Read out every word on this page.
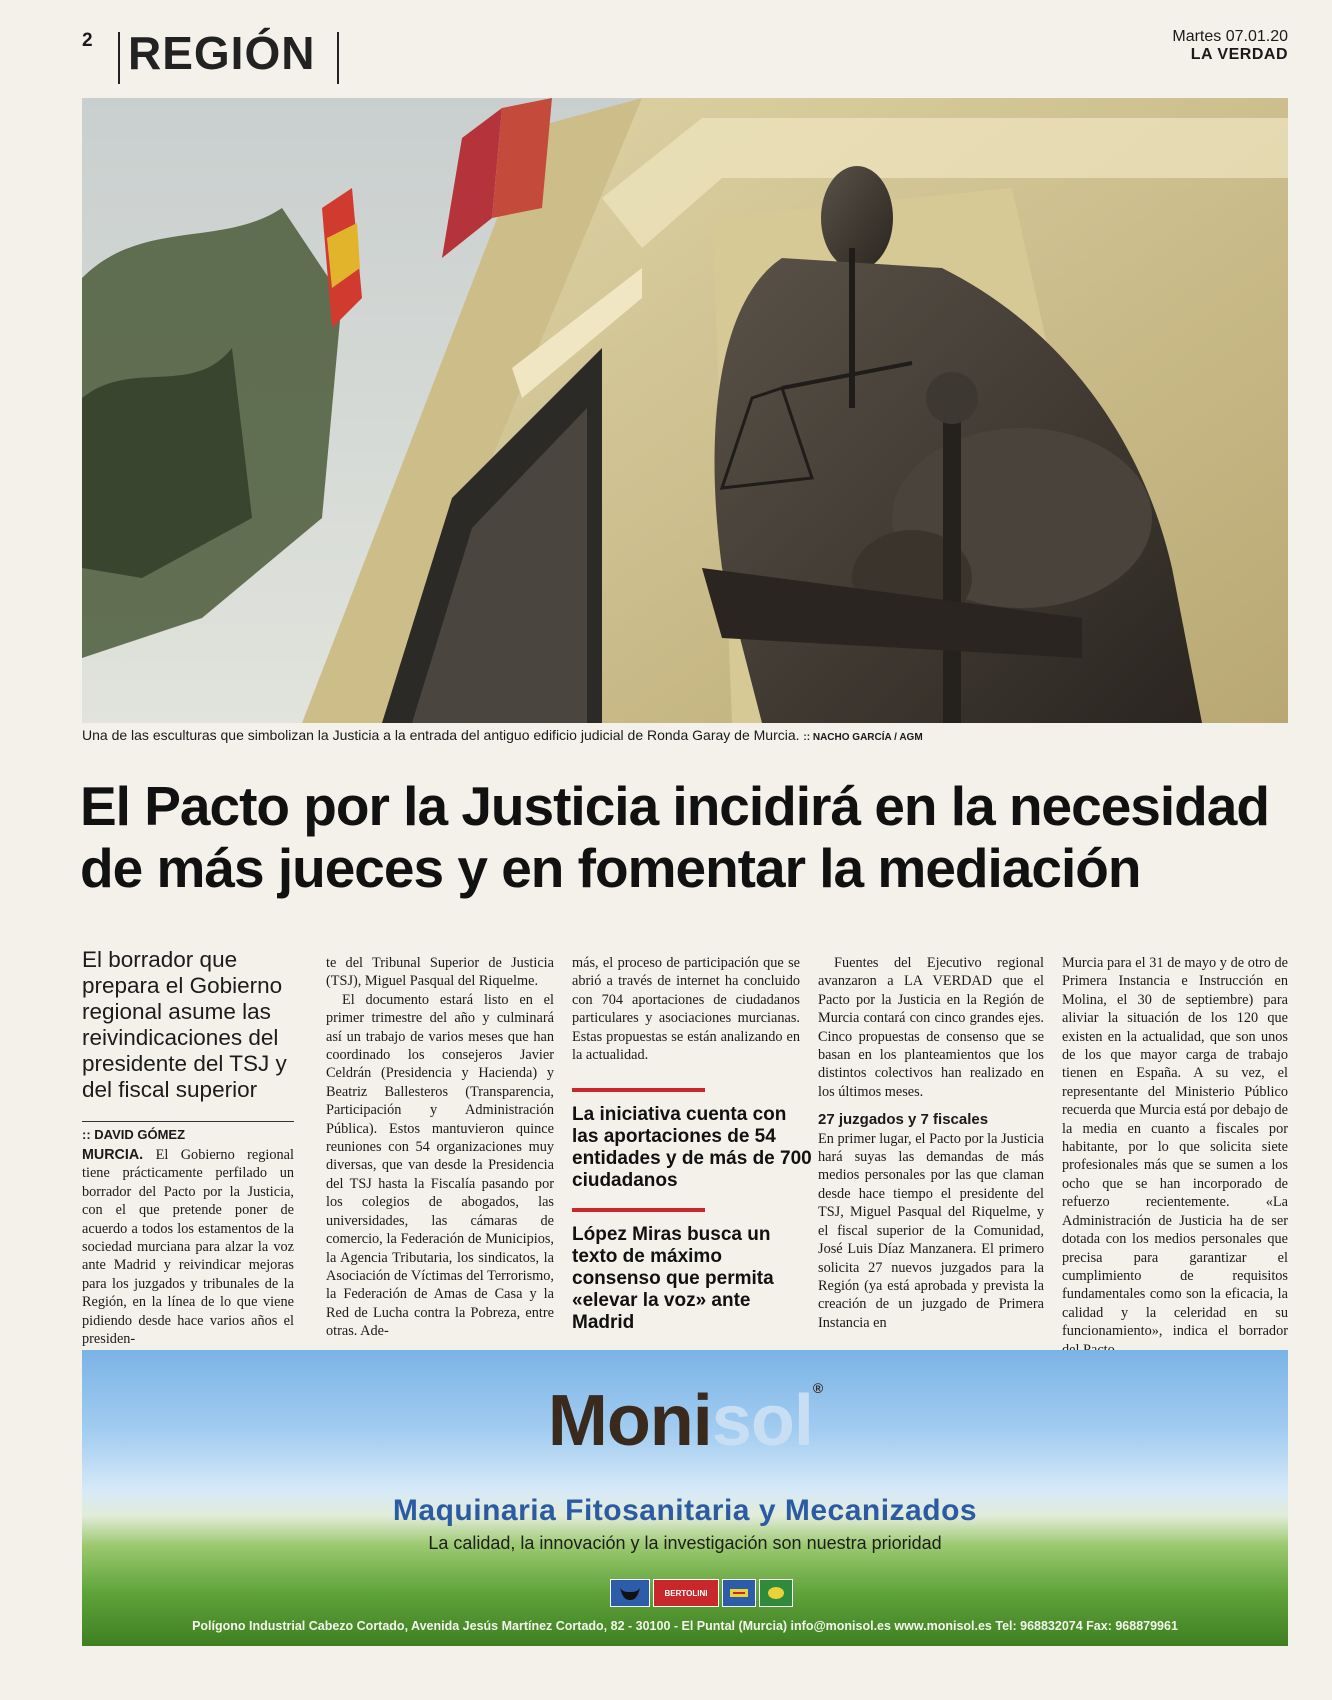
2 REGIÓN	Martes 07.01.20
LA VERDAD
Una de las esculturas que simbolizan la Justicia a la entrada del antiguo edificio judicial de Ronda Garay de Murcia. :: NACHO GARCÍA / AGM
El Pacto por la Justicia incidirá en la necesidad de más jueces y en fomentar la mediación
El borrador que prepara el Gobierno regional asume las reivindicaciones del presidente del TSJ y del fiscal superior
:: DAVID GÓMEZ

MURCIA. El Gobierno regional tiene prácticamente perfilado un borrador del Pacto por la Justicia, con el que pretende poner de acuerdo a todos los estamentos de la sociedad murciana para alzar la voz ante Madrid y reivindicar mejoras para los juzgados y tribunales de la Región, en la línea de lo que viene pidiendo desde hace varios años el presiden-

te del Tribunal Superior de Justicia (TSJ), Miguel Pasqual del Riquelme.

El documento estará listo en el primer trimestre del año y culminará así un trabajo de varios meses que han coordinado los consejeros Javier Celdrán (Presidencia y Hacienda) y Beatriz Ballesteros (Transparencia, Participación y Administración Pública). Estos mantuvieron quince reuniones con 54 organizaciones muy diversas, que van desde la Presidencia del TSJ hasta la Fiscalía pasando por los colegios de abogados, las universidades, las cámaras de comercio, la Federación de Municipios, la Agencia Tributaria, los sindicatos, la Asociación de Víctimas del Terrorismo, la Federación de Amas de Casa y la Red de Lucha contra la Pobreza, entre otras. Ade-

más, el proceso de participación que se abrió a través de internet ha concluido con 704 aportaciones de ciudadanos particulares y asociaciones murcianas. Estas propuestas se están analizando en la actualidad.

La iniciativa cuenta con las aportaciones de 54 entidades y de más de 700 ciudadanos
López Miras busca un texto de máximo consenso que permita «elevar la voz» ante Madrid

Fuentes del Ejecutivo regional avanzaron a LA VERDAD que el Pacto por la Justicia en la Región de Murcia contará con cinco grandes ejes. Cinco propuestas de consenso que se basan en los planteamientos que los distintos colectivos han realizado en los últimos meses.

27 juzgados y 7 fiscales

En primer lugar, el Pacto por la Justicia hará suyas las demandas de más medios personales por las que claman desde hace tiempo el presidente del TSJ, Miguel Pasqual del Riquelme, y el fiscal superior de la Comunidad, José Luis Díaz Manzanera. El primero solicita 27 nuevos juzgados para la Región (ya está aprobada y prevista la creación de un juzgado de Primera Instancia en

Murcia para el 31 de mayo y de otro de Primera Instancia e Instrucción en Molina, el 30 de septiembre) para aliviar la situación de los 120 que existen en la actualidad, que son unos de los que mayor carga de trabajo tienen en España. A su vez, el representante del Ministerio Público recuerda que Murcia está por debajo de la media en cuanto a fiscales por habitante, por lo que solicita siete profesionales más que se sumen a los ocho que se han incorporado de refuerzo recientemente. «La Administración de Justicia ha de ser dotada con los medios personales que precisa para garantizar el cumplimiento de requisitos fundamentales como son la eficacia, la calidad y la celeridad en su funcionamiento», indica el borrador

Monisol®
Maquinaria Fitosanitaria y Mecanizados
La calidad, la innovación y la investigación son nuestra prioridad
BERTOLINI
Polígono Industrial Cabezo Cortado, Avenida Jesús Martínez Cortado, 82 - 30100 - El Puntal (Murcia) info@monisol.es www.monisol.es Tel: 968832074 Fax: 968879961
